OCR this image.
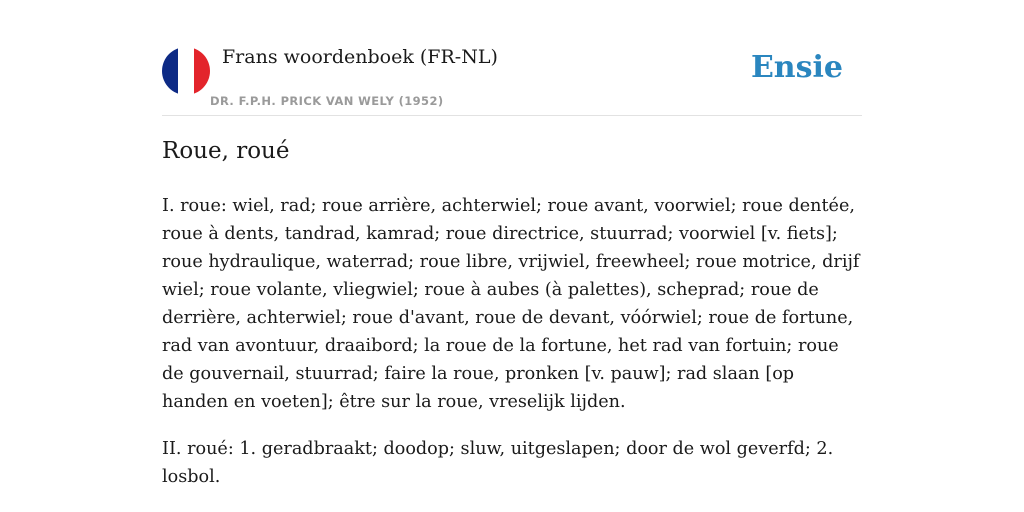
Frans woordenboek (FR-NL)
DR. F.P.H. PRICK VAN WELY (1952)
Ensie
Roue, roué

I. roue: wiel, rad; roue arrière, achterwiel; roue avant, voorwiel; roue dentée, roue à dents, tandrad, kamrad; roue directrice, stuurrad; voorwiel [v. fiets]; roue hydraulique, waterrad; roue libre, vrijwiel, freewheel; roue motrice, drijf wiel; roue volante, vliegwiel; roue à aubes (à palettes), scheprad; roue de derrière, achterwiel; roue d'avant, roue de devant, vóórwiel; roue de fortune, rad van avontuur, draaibord; la roue de la fortune, het rad van fortuin; roue de gouvernail, stuurrad; faire la roue, pronken [v. pauw]; rad slaan [op handen en voeten]; être sur la roue, vreselijk lijden.

II. roué: 1. geradbraakt; doodop; sluw, uitgeslapen; door de wol geverfd; 2. losbol.
